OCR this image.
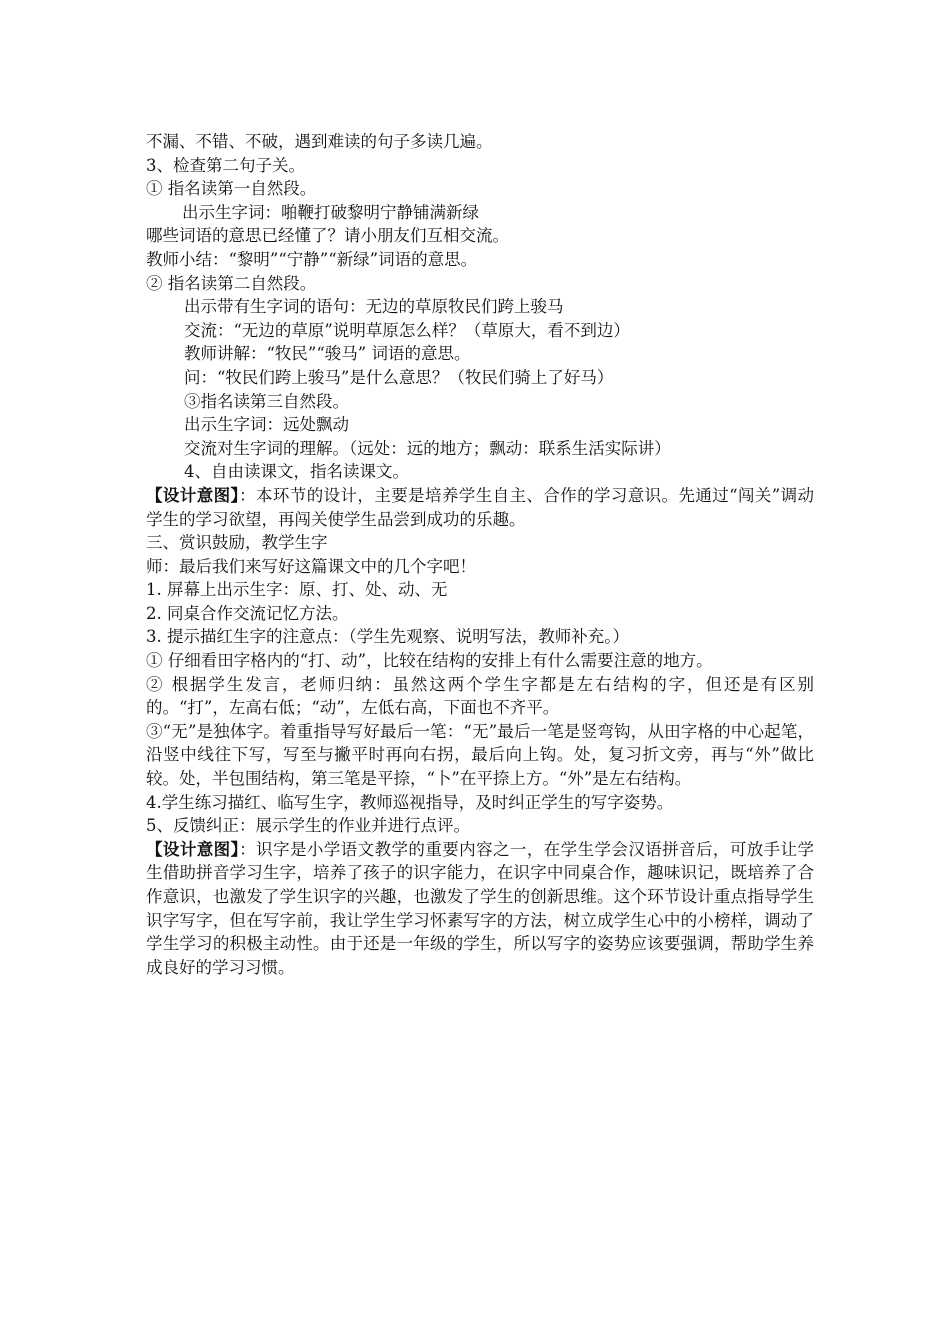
不漏、不错、不破，遇到难读的句子多读几遍。

3、检查第二句子关。

① 指名读第一自然段。

出示生字词：啪鞭打破黎明宁静铺满新绿

哪些词语的意思已经懂了？请小朋友们互相交流。

教师小结：“黎明”“宁静”“新绿”词语的意思。

② 指名读第二自然段。

出示带有生字词的语句：无边的草原牧民们跨上骏马

交流：“无边的草原”说明草原怎么样？（草原大，看不到边）

教师讲解：“牧民”“骏马” 词语的意思。

问：“牧民们跨上骏马”是什么意思？（牧民们骑上了好马）

③指名读第三自然段。

出示生字词：远处飘动

交流对生字词的理解。（远处：远的地方；飘动：联系生活实际讲）

4、自由读课文，指名读课文。

【设计意图】：本环节的设计，主要是培养学生自主、合作的学习意识。先通过“闯关”调动学生的学习欲望，再闯关使学生品尝到成功的乐趣。

三、赏识鼓励，教学生字

师：最后我们来写好这篇课文中的几个字吧！

1. 屏幕上出示生字：原、打、处、动、无

2. 同桌合作交流记忆方法。

3. 提示描红生字的注意点：（学生先观察、说明写法，教师补充。）

① 仔细看田字格内的“打、动”，比较在结构的安排上有什么需要注意的地方。

② 根据学生发言，老师归纳：虽然这两个学生字都是左右结构的字，但还是有区别的。“打”，左高右低；“动”，左低右高，下面也不齐平。

③“无”是独体字。着重指导写好最后一笔：“无”最后一笔是竖弯钩，从田字格的中心起笔，沿竖中线往下写，写至与撇平时再向右拐，最后向上钩。处，复习折文旁，再与“外”做比较。处，半包围结构，第三笔是平捺，“卜”在平捺上方。“外”是左右结构。

4.学生练习描红、临写生字，教师巡视指导，及时纠正学生的写字姿势。

5、反馈纠正：展示学生的作业并进行点评。

【设计意图】：识字是小学语文教学的重要内容之一，在学生学会汉语拼音后，可放手让学生借助拼音学习生字，培养了孩子的识字能力，在识字中同桌合作，趣味识记，既培养了合作意识，也激发了学生识字的兴趣，也激发了学生的创新思维。这个环节设计重点指导学生识字写字，但在写字前，我让学生学习怀素写字的方法，树立成学生心中的小榜样，调动了学生学习的积极主动性。由于还是一年级的学生，所以写字的姿势应该要强调，帮助学生养成良好的学习习惯。
